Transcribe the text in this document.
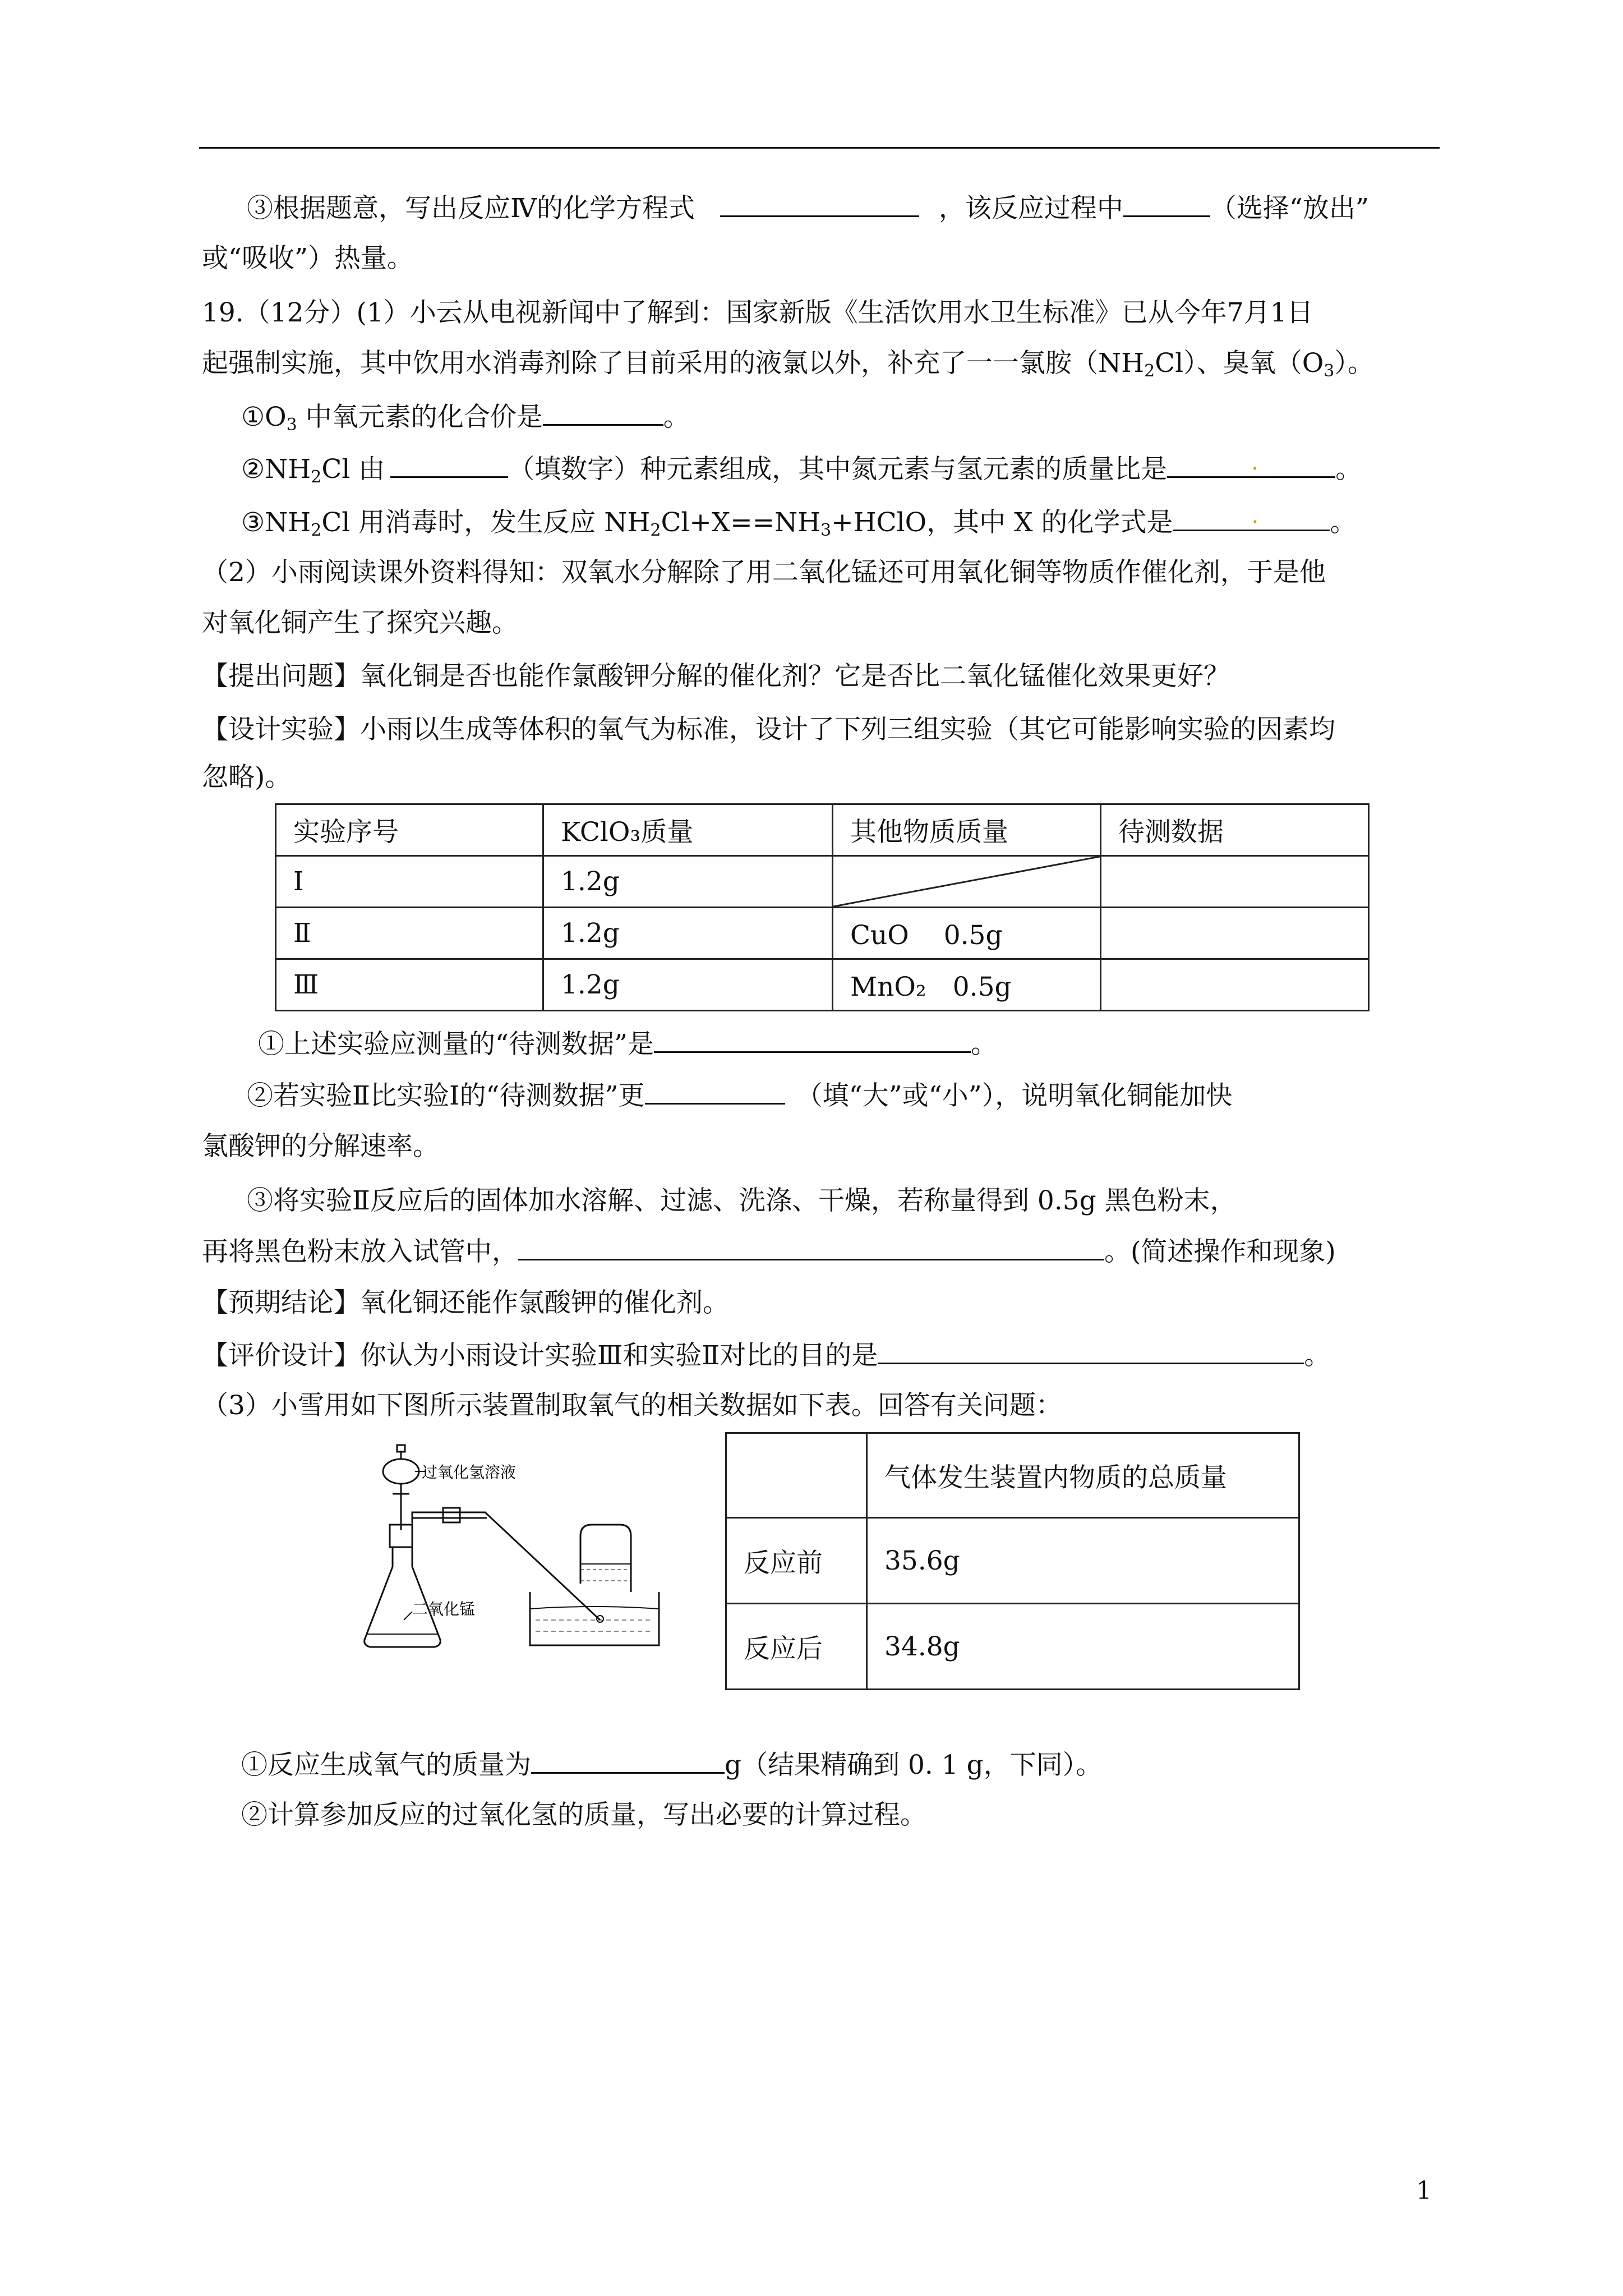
③根据题意，写出反应Ⅳ的化学方程式	，该反应过程中	（选择“放出”
或“吸收”）热量。
19.（12分）(1）小云从电视新闻中了解到：国家新版《生活饮用水卫生标准》已从今年7月1日
起强制实施，其中饮用水消毒剂除了目前采用的液氯以外，补充了一一氯胺$(NH_2Cl)$、臭氧$(O_3)$。
$①O_3$ 中氧元素的化合价是	。
$②NH_2Cl$ 由	（填数字）种元素组成，其中氮元素与氢元素的质量比是 .	。
$③NH_2Cl$ 用消毒时，发生反应 $NH_2Cl+X==NH_3+HClO$，其中 X 的化学式是 .	。
（2）小雨阅读课外资料得知：双氧水分解除了用二氧化锰还可用氧化铜等物质作催化剂，于是他
对氧化铜产生了探究兴趣。
【提出问题】氧化铜是否也能作氯酸钾分解的催化剂？它是否比二氧化锰催化效果更好？
【设计实验】小雨以生成等体积的氧气为标准，设计了下列三组实验（其它可能影响实验的因素均
忽略)。
实验序号	KClO₃质量	其他物质质量	待测数据
Ⅰ	1.2g	

Ⅱ	1.2g	CuO　 0.5g	
Ⅲ	1.2g	MnO₂　0.5g	
①上述实验应测量的“待测数据”是	。
②若实验Ⅱ比实验Ⅰ的“待测数据”更	（填“大”或“小”），说明氧化铜能加快
氯酸钾的分解速率。
③将实验Ⅱ反应后的固体加水溶解、过滤、洗涤、干燥，若称量得到 0.5g 黑色粉末，
再将黑色粉末放入试管中，	。(简述操作和现象)
【预期结论】氧化铜还能作氯酸钾的催化剂。
【评价设计】你认为小雨设计实验Ⅲ和实验Ⅱ对比的目的是	。
（3）小雪用如下图所示装置制取氧气的相关数据如下表。回答有关问题：
过氧化氢溶液
二氧化锰
	气体发生装置内物质的总质量
反应前	35.6g
反应后	34.8g
①反应生成氧气的质量为	g（结果精确到 0. 1 g，下同）。
②计算参加反应的过氧化氢的质量，写出必要的计算过程。
1
